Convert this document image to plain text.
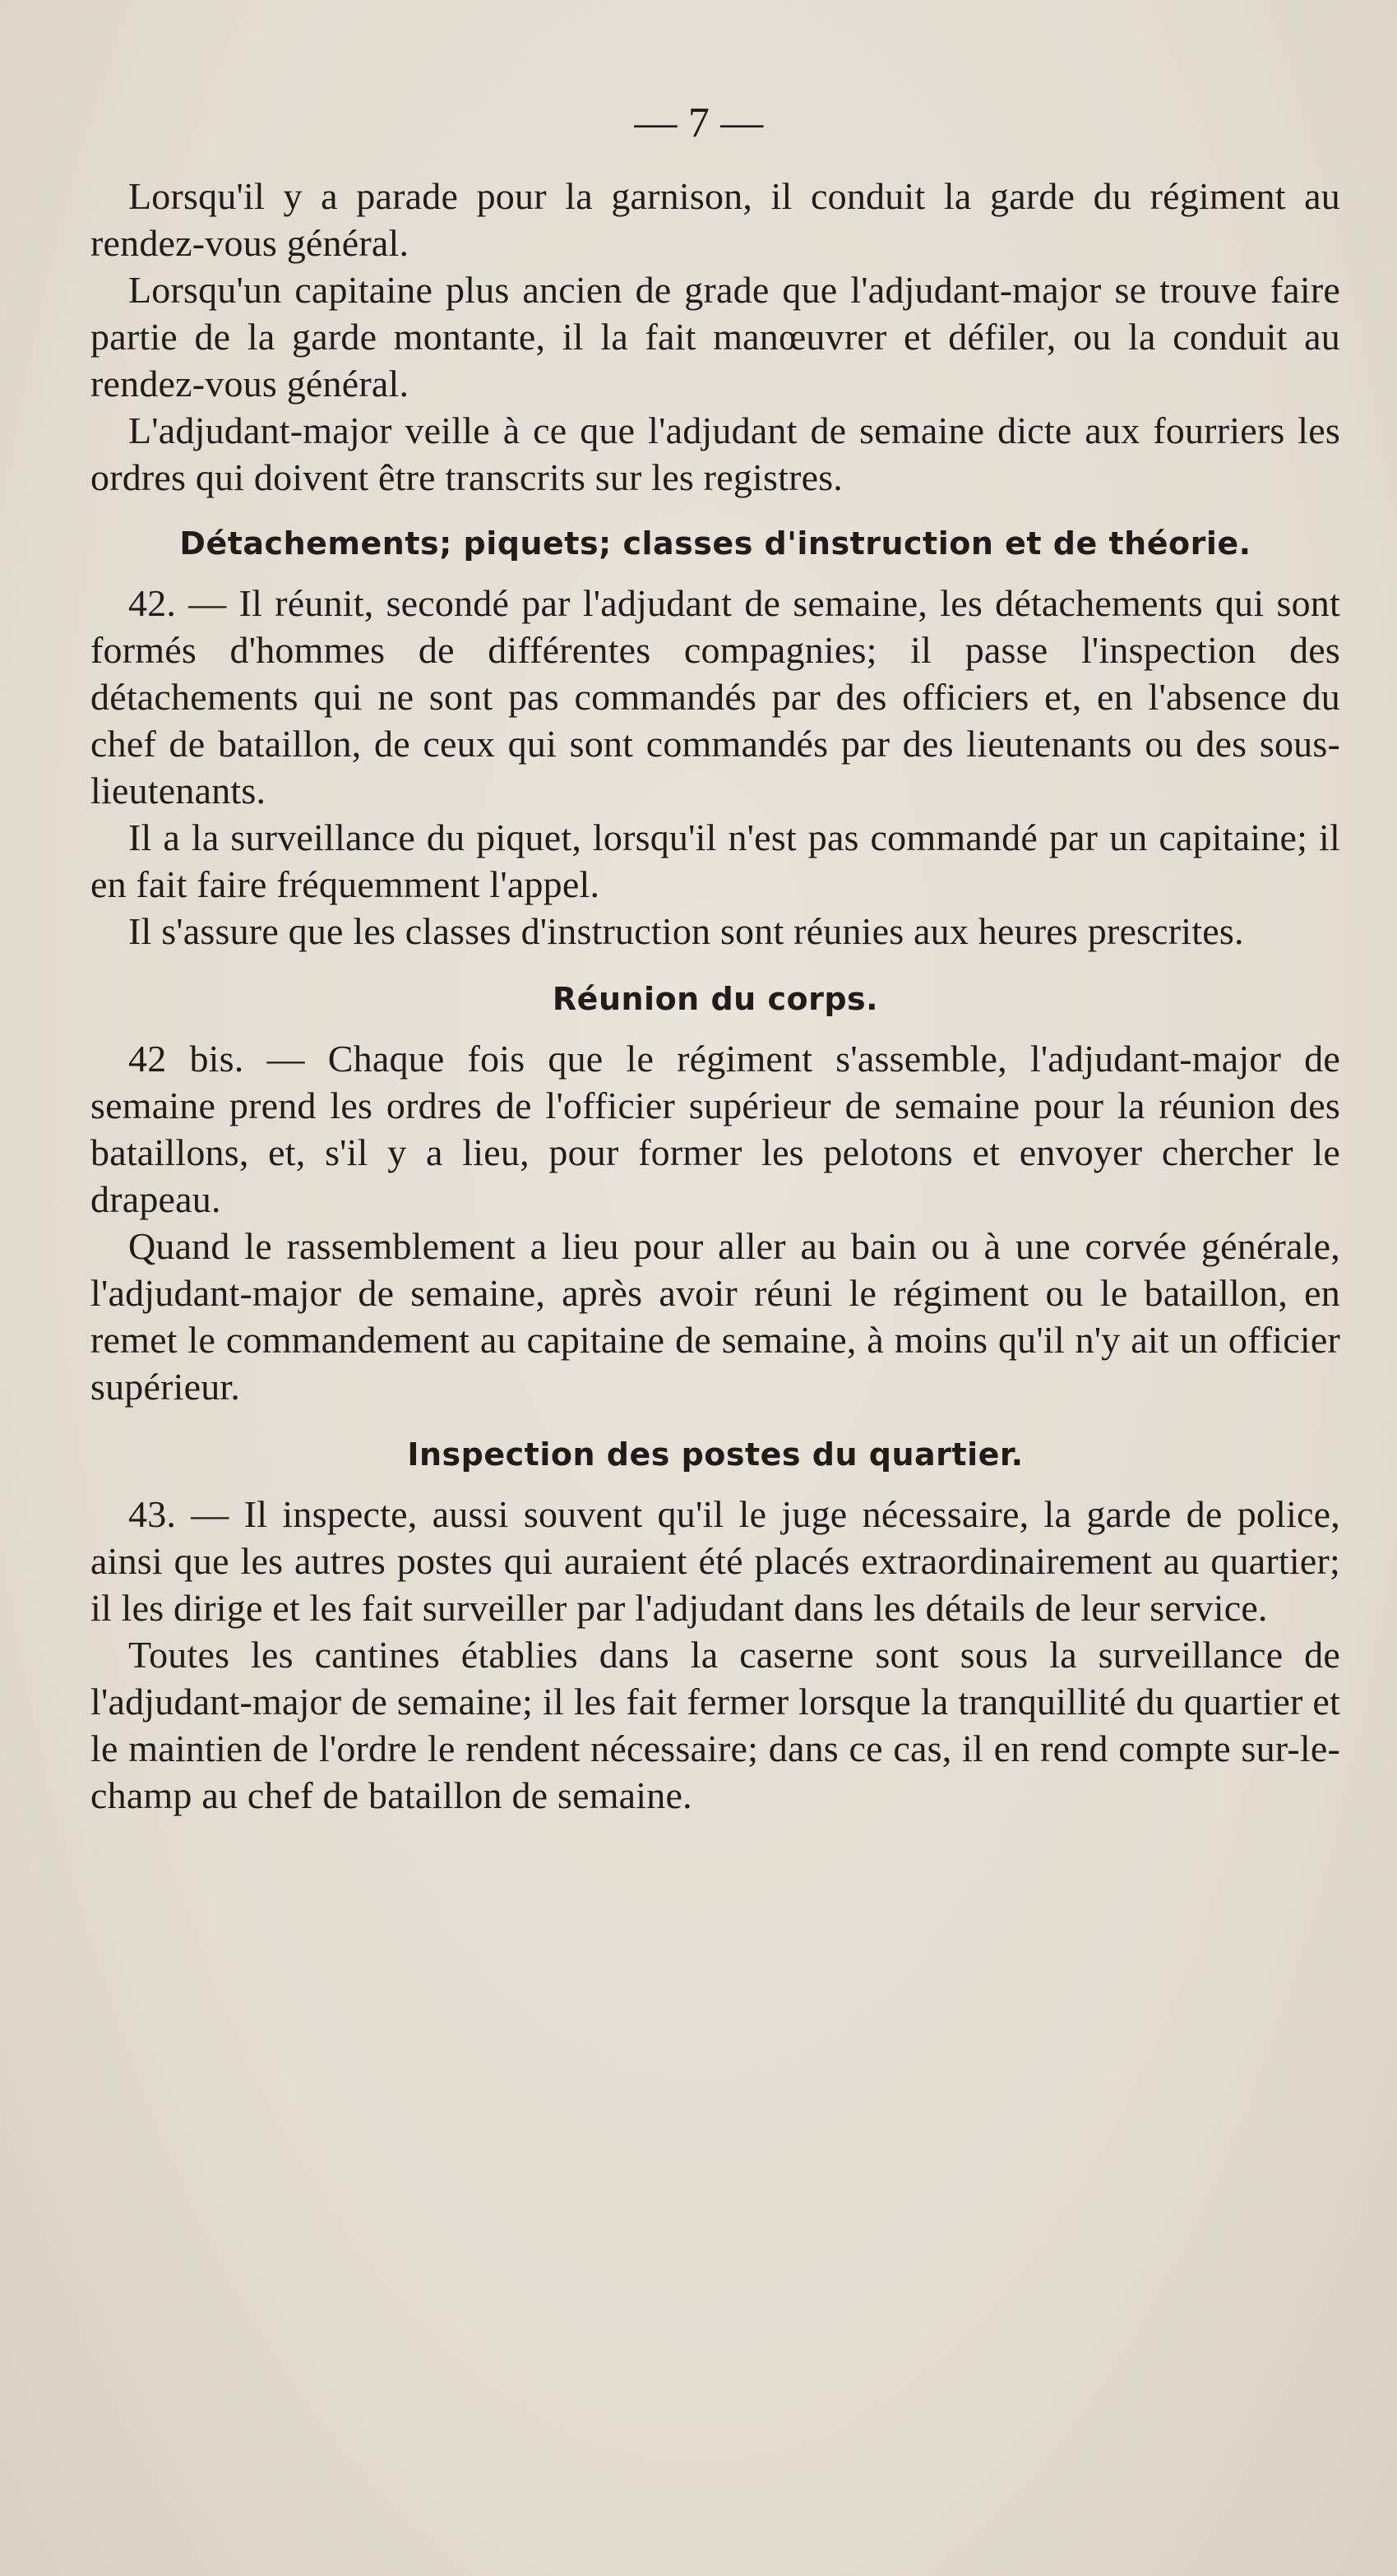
— 7 —

Lorsqu'il y a parade pour la garnison, il conduit la garde du régiment au rendez-vous général.

Lorsqu'un capitaine plus ancien de grade que l'adjudant-major se trouve faire partie de la garde montante, il la fait manœuvrer et défiler, ou la conduit au rendez-vous général.

L'adjudant-major veille à ce que l'adjudant de semaine dicte aux fourriers les ordres qui doivent être transcrits sur les registres.

Détachements; piquets; classes d'instruction et de théorie.

42. — Il réunit, secondé par l'adjudant de semaine, les détachements qui sont formés d'hommes de différentes compagnies; il passe l'inspection des détachements qui ne sont pas commandés par des officiers et, en l'absence du chef de bataillon, de ceux qui sont commandés par des lieutenants ou des sous-lieutenants.

Il a la surveillance du piquet, lorsqu'il n'est pas commandé par un capitaine; il en fait faire fréquemment l'appel.

Il s'assure que les classes d'instruction sont réunies aux heures prescrites.

Réunion du corps.

42 bis. — Chaque fois que le régiment s'assemble, l'adjudant-major de semaine prend les ordres de l'officier supérieur de semaine pour la réunion des bataillons, et, s'il y a lieu, pour former les pelotons et envoyer chercher le drapeau.

Quand le rassemblement a lieu pour aller au bain ou à une corvée générale, l'adjudant-major de semaine, après avoir réuni le régiment ou le bataillon, en remet le commandement au capitaine de semaine, à moins qu'il n'y ait un officier supérieur.

Inspection des postes du quartier.

43. — Il inspecte, aussi souvent qu'il le juge nécessaire, la garde de police, ainsi que les autres postes qui auraient été placés extraordinairement au quartier; il les dirige et les fait surveiller par l'adjudant dans les détails de leur service.

Toutes les cantines établies dans la caserne sont sous la surveillance de l'adjudant-major de semaine; il les fait fermer lorsque la tranquillité du quartier et le maintien de l'ordre le rendent nécessaire; dans ce cas, il en rend compte sur-le-champ au chef de bataillon de semaine.
